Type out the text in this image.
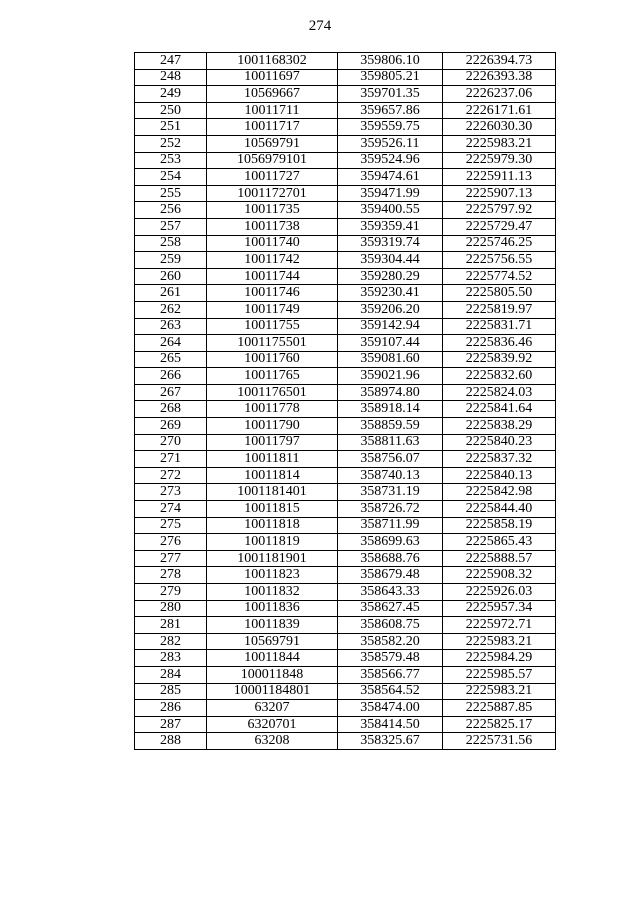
274
247	1001168302	359806.10	2226394.73
248	10011697	359805.21	2226393.38
249	10569667	359701.35	2226237.06
250	10011711	359657.86	2226171.61
251	10011717	359559.75	2226030.30
252	10569791	359526.11	2225983.21
253	1056979101	359524.96	2225979.30
254	10011727	359474.61	2225911.13
255	1001172701	359471.99	2225907.13
256	10011735	359400.55	2225797.92
257	10011738	359359.41	2225729.47
258	10011740	359319.74	2225746.25
259	10011742	359304.44	2225756.55
260	10011744	359280.29	2225774.52
261	10011746	359230.41	2225805.50
262	10011749	359206.20	2225819.97
263	10011755	359142.94	2225831.71
264	1001175501	359107.44	2225836.46
265	10011760	359081.60	2225839.92
266	10011765	359021.96	2225832.60
267	1001176501	358974.80	2225824.03
268	10011778	358918.14	2225841.64
269	10011790	358859.59	2225838.29
270	10011797	358811.63	2225840.23
271	10011811	358756.07	2225837.32
272	10011814	358740.13	2225840.13
273	1001181401	358731.19	2225842.98
274	10011815	358726.72	2225844.40
275	10011818	358711.99	2225858.19
276	10011819	358699.63	2225865.43
277	1001181901	358688.76	2225888.57
278	10011823	358679.48	2225908.32
279	10011832	358643.33	2225926.03
280	10011836	358627.45	2225957.34
281	10011839	358608.75	2225972.71
282	10569791	358582.20	2225983.21
283	10011844	358579.48	2225984.29
284	100011848	358566.77	2225985.57
285	10001184801	358564.52	2225983.21
286	63207	358474.00	2225887.85
287	6320701	358414.50	2225825.17
288	63208	358325.67	2225731.56
